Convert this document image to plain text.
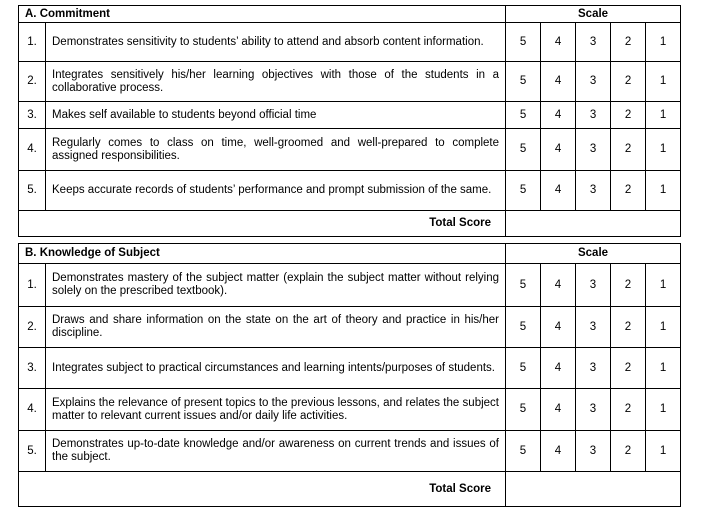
A. Commitment		Scale				
1.	Demonstrates sensitivity to students’ ability to attend and absorb content information.	5	4	3	2	1
2.	Integrates sensitively his/her learning objectives with those of the students in a collaborative process.	5	4	3	2	1
3.	Makes self available to students beyond official time	5	4	3	2	1
4.	Regularly comes to class on time, well-groomed and well-prepared to complete assigned responsibilities.	5	4	3	2	1
5.	Keeps accurate records of students’ performance and prompt submission of the same.	5	4	3	2	1
Total Score						
B. Knowledge of Subject		Scale				
1.	Demonstrates mastery of the subject matter (explain the subject matter without relying solely on the prescribed textbook).	5	4	3	2	1
2.	Draws and share information on the state on the art of theory and practice in his/her discipline.	5	4	3	2	1
3.	Integrates subject to practical circumstances and learning intents/purposes of students.	5	4	3	2	1
4.	Explains the relevance of present topics to the previous lessons, and relates the subject matter to relevant current issues and/or daily life activities.	5	4	3	2	1
5.	Demonstrates up-to-date knowledge and/or awareness on current trends and issues of the subject.	5	4	3	2	1
Total Score						
